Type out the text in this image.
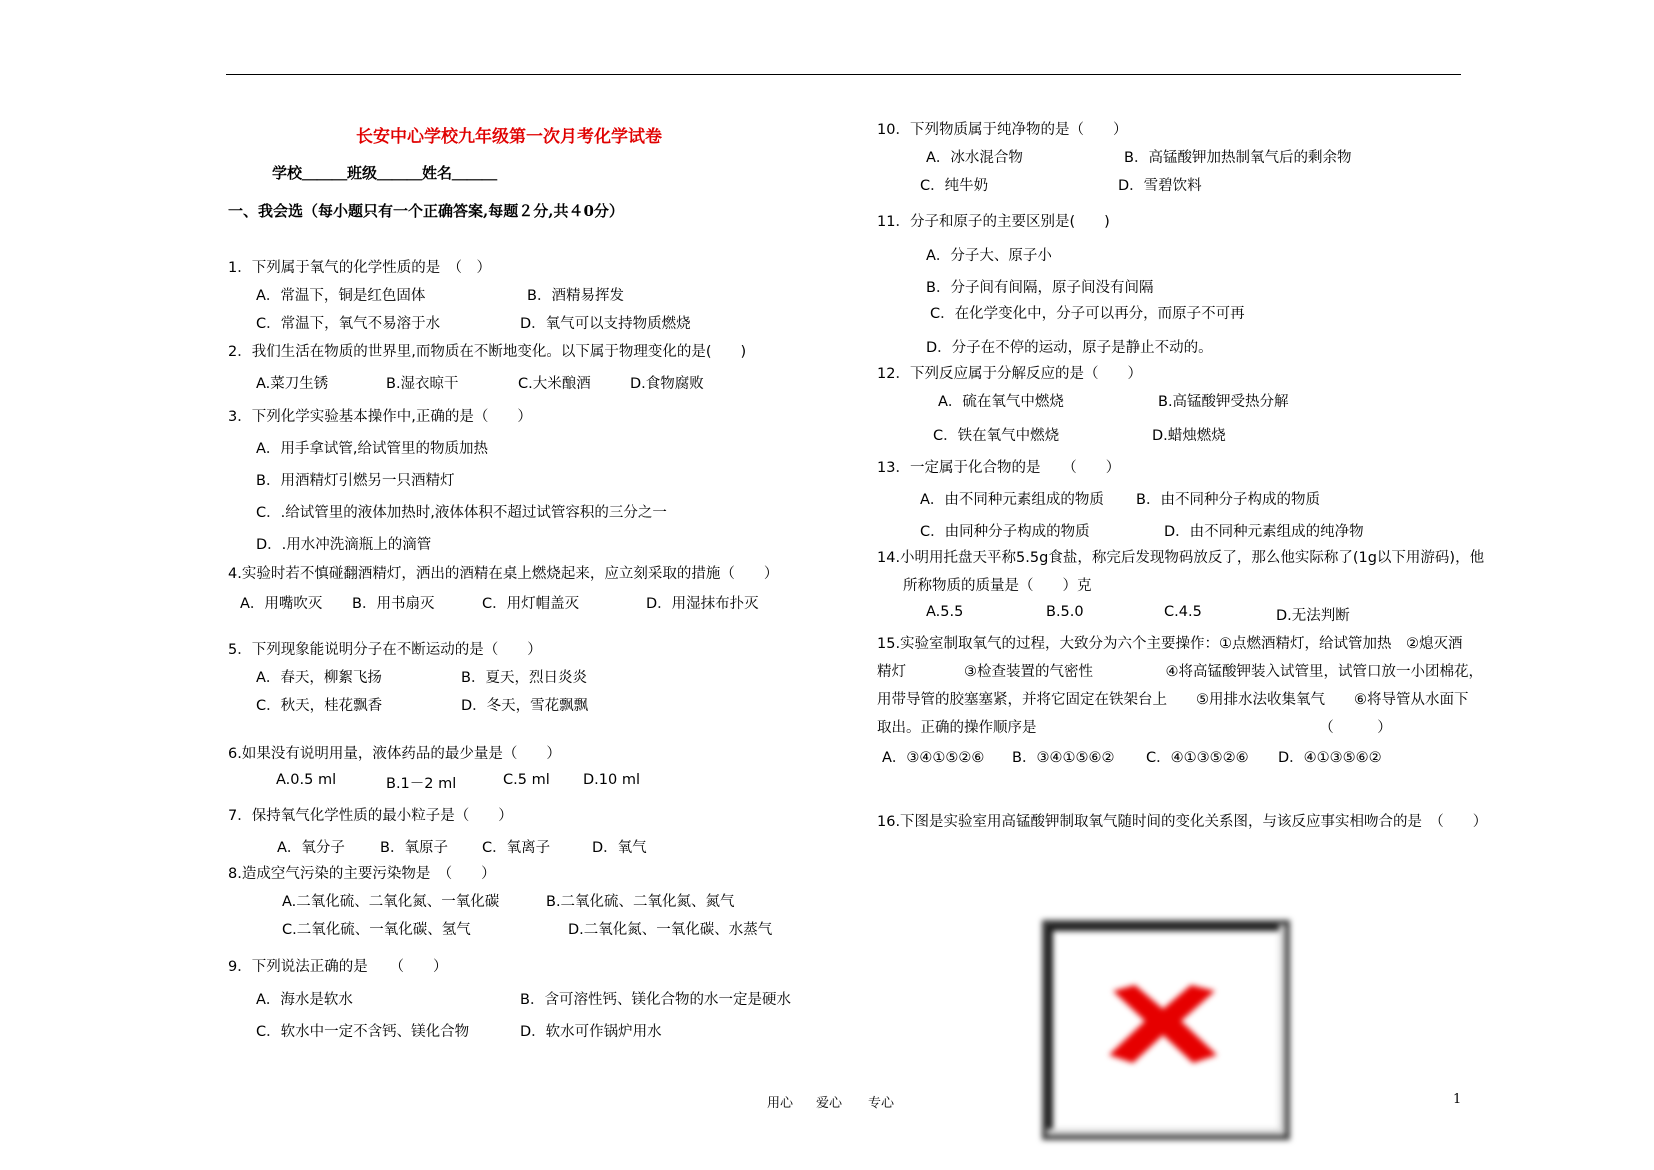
长安中心学校九年级第一次月考化学试卷
学校＿＿＿班级＿＿＿姓名＿＿＿
一、我会选（每小题只有一个正确答案,每题２分,共４0分）
1．下列属于氧气的化学性质的是　（　）
A．常温下，铜是红色固体	B．酒精易挥发
C．常温下，氧气不易溶于水	D．氧气可以支持物质燃烧
2．我们生活在物质的世界里,而物质在不断地变化。以下属于物理变化的是(　　)
A.菜刀生锈	B.湿衣晾干	C.大米酿酒	D.食物腐败
3．下列化学实验基本操作中,正确的是（　　）
A．用手拿试管,给试管里的物质加热
B．用酒精灯引燃另一只酒精灯
C．.给试管里的液体加热时,液体体积不超过试管容积的三分之一
D．.用水冲洗滴瓶上的滴管
4.实验时若不慎碰翻酒精灯，洒出的酒精在桌上燃烧起来，应立刻采取的措施（　　）
A．用嘴吹灭 B．用书扇灭	C．用灯帽盖灭	D．用湿抹布扑灭
5．下列现象能说明分子在不断运动的是（　　）
A．春天，柳絮飞扬	B．夏天，烈日炎炎
C．秋天，桂花飘香	D．冬天，雪花飘飘
6.如果没有说明用量，液体药品的最少量是（　　）
A.0.5 ml	B.1－2 ml	C.5 ml D.10 ml
7．保持氧气化学性质的最小粒子是（　　）
A．氧分子 B．氧原子 C．氧离子	D．氧气
8.造成空气污染的主要污染物是　（　　）
A.二氧化硫、二氧化氮、一氧化碳	B.二氧化硫、二氧化氮、氮气
C.二氧化硫、一氧化碳、氢气	D.二氧化氮、一氧化碳、水蒸气
9．下列说法正确的是　　（　　）
A．海水是软水	B．含可溶性钙、镁化合物的水一定是硬水
C．软水中一定不含钙、镁化合物	D．软水可作锅炉用水
10．下列物质属于纯净物的是（　　）
A．冰水混合物	B．高锰酸钾加热制氧气后的剩余物
C．纯牛奶	D．雪碧饮料
11．分子和原子的主要区别是(　　)
A．分子大、原子小
B．分子间有间隔，原子间没有间隔
C．在化学变化中，分子可以再分，而原子不可再
D．分子在不停的运动，原子是静止不动的。
12．下列反应属于分解反应的是（　　）
A．硫在氧气中燃烧	B.高锰酸钾受热分解
C．铁在氧气中燃烧	D.蜡烛燃烧
13．一定属于化合物的是　　（　　）
A．由不同种元素组成的物质 B．由不同种分子构成的物质
C．由同种分子构成的物质	D．由不同种元素组成的纯净物
14.小明用托盘天平称5.5g食盐，称完后发现物码放反了，那么他实际称了(1g以下用游码)，他
所称物质的质量是（　　）克
A.5.5	B.5.0	C.4.5	D.无法判断
15.实验室制取氧气的过程，大致分为六个主要操作：①点燃酒精灯，给试管加热　②熄灭酒
精灯　　　　③检查装置的气密性　　　　　④将高锰酸钾装入试管里，试管口放一小团棉花，
用带导管的胶塞塞紧，并将它固定在铁架台上　　⑤用排水法收集氧气　　⑥将导管从水面下
取出。正确的操作顺序是　　　　　　　　　　　　　　　　　　　　（　　　）
A．③④①⑤②⑥ B．③④①⑤⑥② C．④①③⑤②⑥ D．④①③⑤⑥②
16.下图是实验室用高锰酸钾制取氧气随时间的变化关系图，与该反应事实相吻合的是　（　　）
用心 爱心 专心	1
